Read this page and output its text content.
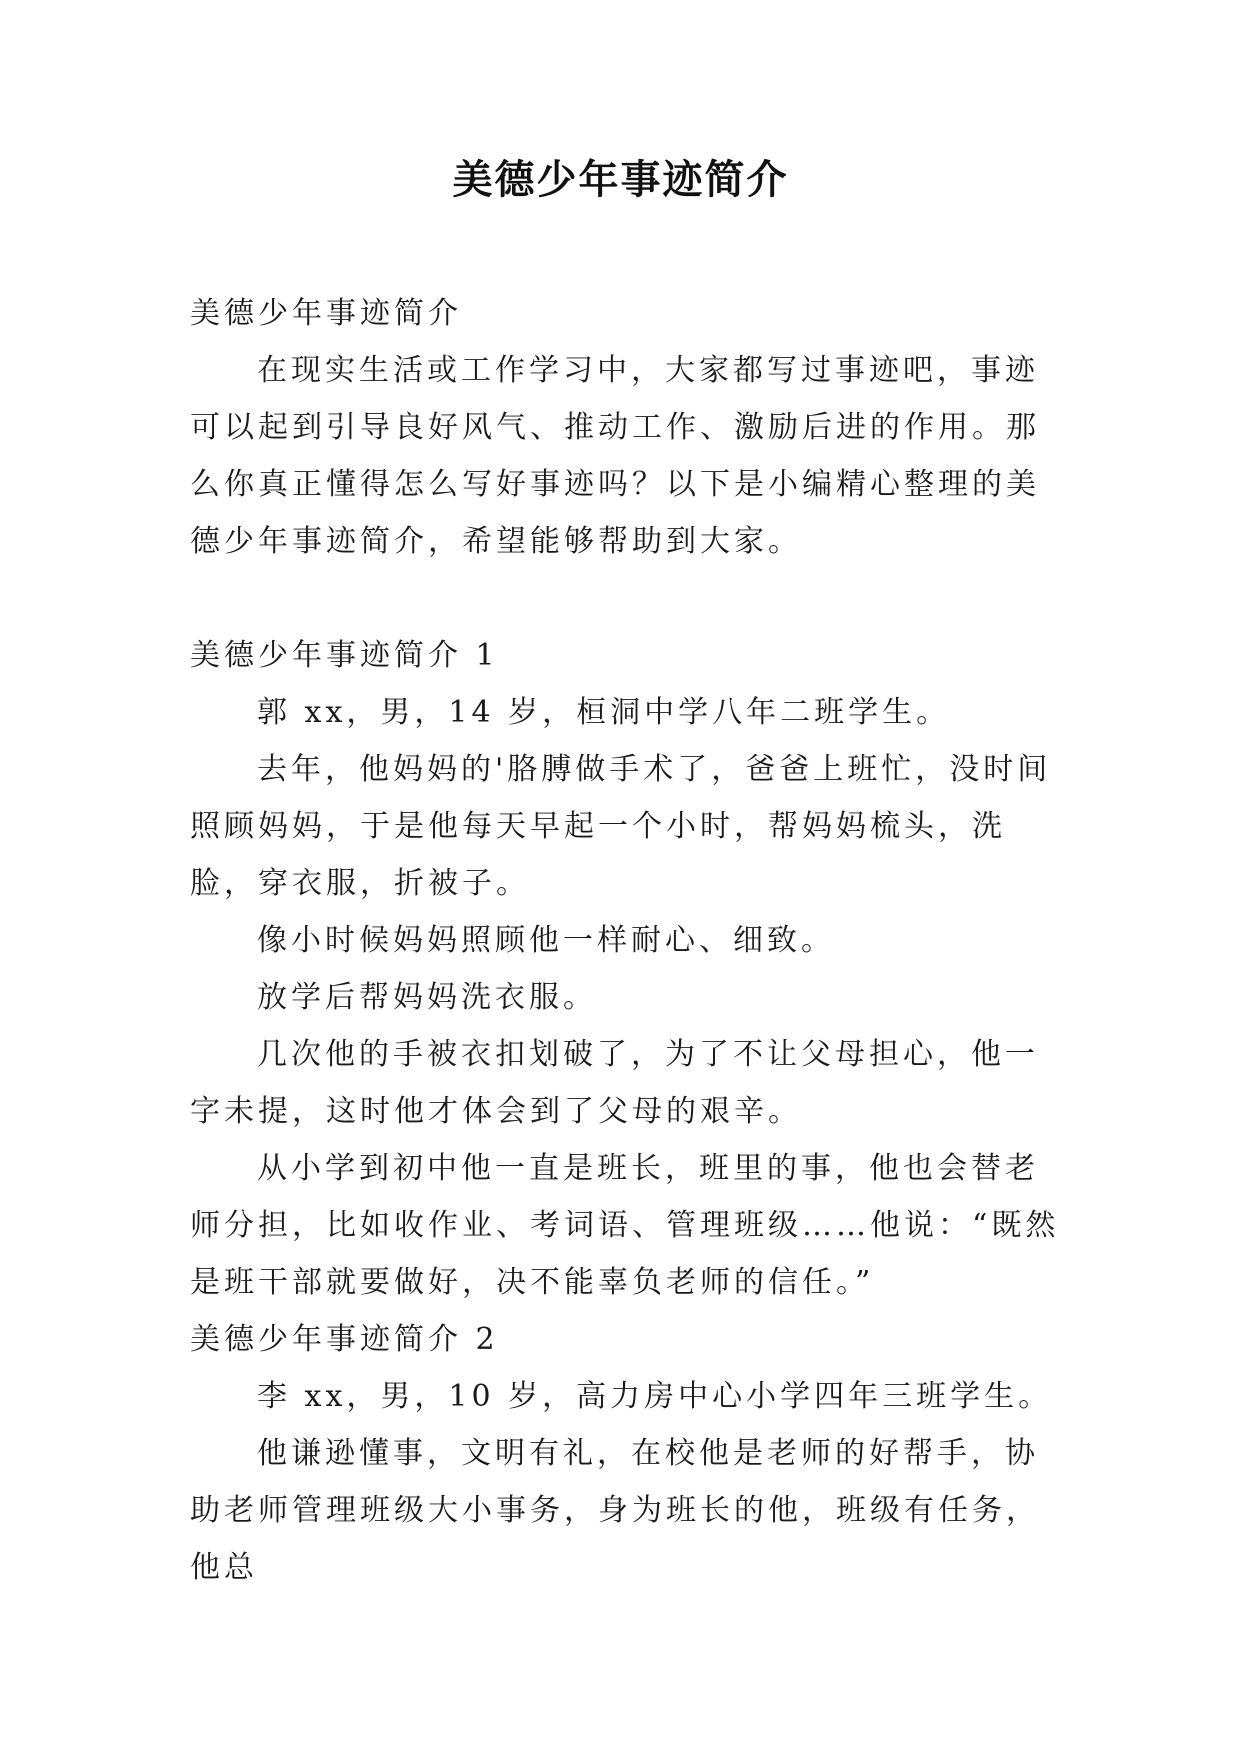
美德少年事迹简介

美德少年事迹简介

在现实生活或工作学习中，大家都写过事迹吧，事迹可以起到引导良好风气、推动工作、激励后进的作用。那么你真正懂得怎么写好事迹吗？以下是小编精心整理的美德少年事迹简介，希望能够帮助到大家。

美德少年事迹简介 1

郭 xx，男，14 岁，桓洞中学八年二班学生。

去年，他妈妈的'胳膊做手术了，爸爸上班忙，没时间照顾妈妈，于是他每天早起一个小时，帮妈妈梳头，洗脸，穿衣服，折被子。

像小时候妈妈照顾他一样耐心、细致。

放学后帮妈妈洗衣服。

几次他的手被衣扣划破了，为了不让父母担心，他一字未提，这时他才体会到了父母的艰辛。

从小学到初中他一直是班长，班里的事，他也会替老师分担，比如收作业、考词语、管理班级……他说：“既然是班干部就要做好，决不能辜负老师的信任。”

美德少年事迹简介 2

李 xx，男，10 岁，高力房中心小学四年三班学生。

他谦逊懂事，文明有礼，在校他是老师的好帮手，协助老师管理班级大小事务，身为班长的他，班级有任务，他总
